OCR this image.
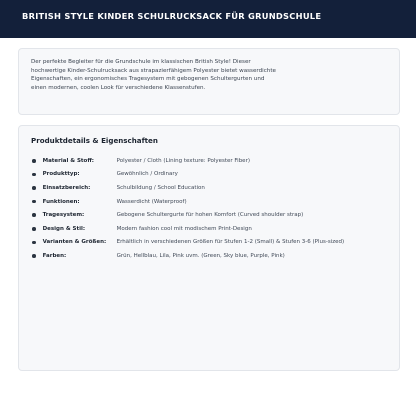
BRITISH STYLE KINDER SCHULRUCKSACK FÜR GRUNDSCHULE

Der perfekte Begleiter für die Grundschule im klassischen British Style! Dieser hochwertige Kinder-Schulrucksack aus strapazierfähigem Polyester bietet wasserdichte Eigenschaften, ein ergonomisches Tragesystem mit gebogenen Schultergurten und einen modernen, coolen Look für verschiedene Klassenstufen.

Produktdetails & Eigenschaften
Material & Stoff:	Polyester / Cloth (Lining texture: Polyester Fiber)
Produkttyp:	Gewöhnlich / Ordinary
Einsatzbereich:	Schulbildung / School Education
Funktionen:	Wasserdicht (Waterproof)
Tragesystem:	Gebogene Schultergurte für hohen Komfort (Curved shoulder strap)
Design & Stil:	Modern fashion cool mit modischem Print-Design
Varianten & Größen:	Erhältlich in verschiedenen Größen für Stufen 1-2 (Small) & Stufen 3-6 (Plus-sized)
Farben:	Grün, Hellblau, Lila, Pink uvm. (Green, Sky blue, Purple, Pink)
